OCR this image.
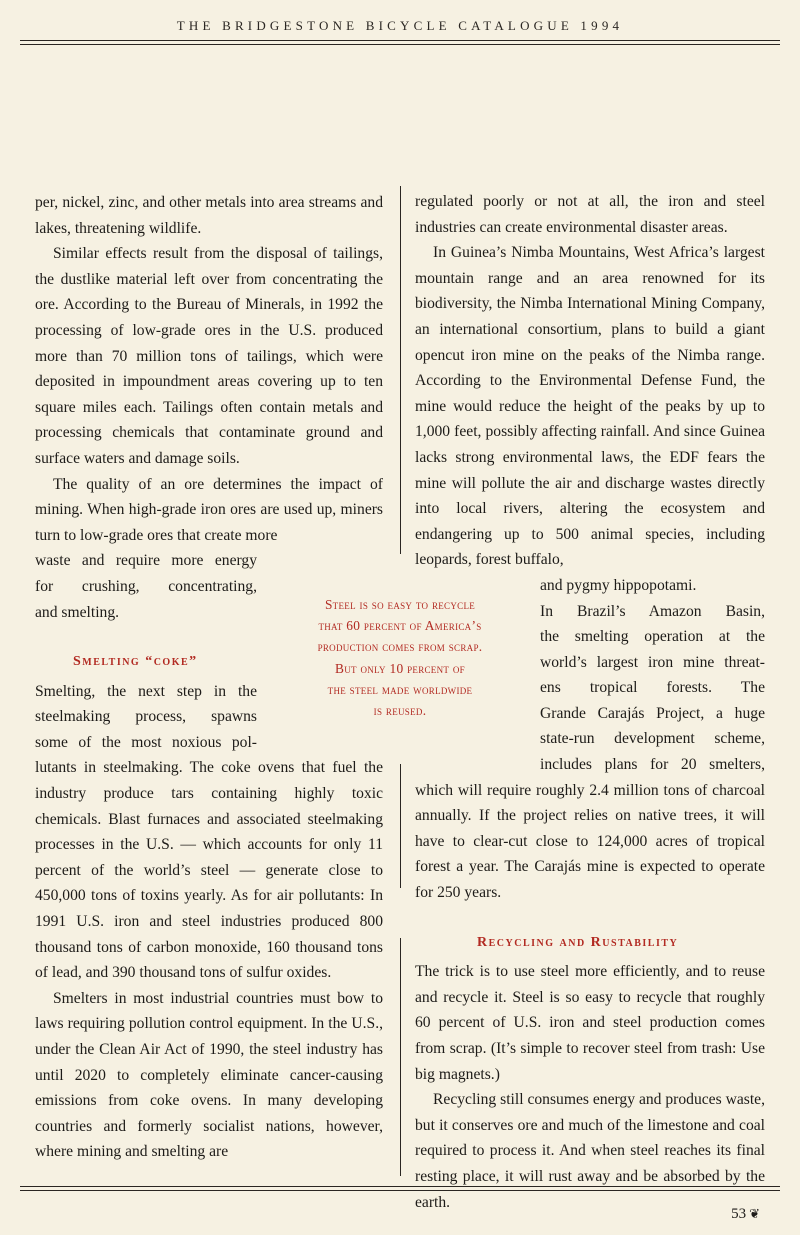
THE BRIDGESTONE BICYCLE CATALOGUE 1994

per, nickel, zinc, and other metals into area streams and lakes, threatening wildlife.

Similar effects result from the disposal of tailings, the dustlike material left over from concentrating the ore. According to the Bureau of Minerals, in 1992 the processing of low-grade ores in the U.S. produced more than 70 million tons of tailings, which were deposited in impoundment areas covering up to ten square miles each. Tailings often contain metals and processing chemicals that contaminate ground and surface waters and damage soils.

The quality of an ore determines the impact of mining. When high-grade iron ores are used up, miners turn to low-grade ores that create more

waste and require more energy
for crushing, concentrating,
and smelting.
Smelting “coke”
Smelting, the next step in the
steelmaking process, spawns
some of the most noxious pol-

lutants in steelmaking. The coke ovens that fuel the industry produce tars containing highly toxic chemicals. Blast furnaces and associated steelmaking processes in the U.S. — which accounts for only 11 percent of the world’s steel — generate close to 450,000 tons of toxins yearly. As for air pollutants: In 1991 U.S. iron and steel industries produced 800 thousand tons of carbon monoxide, 160 thousand tons of lead, and 390 thousand tons of sulfur oxides.

Smelters in most industrial countries must bow to laws requiring pollution control equipment. In the U.S., under the Clean Air Act of 1990, the steel industry has until 2020 to completely eliminate cancer-causing emissions from coke ovens. In many developing countries and formerly socialist nations, however, where mining and smelting are

regulated poorly or not at all, the iron and steel industries can create environmental disaster areas.

In Guinea’s Nimba Mountains, West Africa’s largest mountain range and an area renowned for its biodiversity, the Nimba International Mining Company, an international consortium, plans to build a giant opencut iron mine on the peaks of the Nimba range. According to the Environmental Defense Fund, the mine would reduce the height of the peaks by up to 1,000 feet, possibly affecting rainfall. And since Guinea lacks strong environmental laws, the EDF fears the mine will pollute the air and discharge wastes directly into local rivers, altering the ecosystem and endangering up to 500 animal species, including leopards, forest buffalo,

and pygmy hippopotami.
In Brazil’s Amazon Basin,
the smelting operation at the
world’s largest iron mine threat-
ens tropical forests. The
Grande Carajás Project, a huge
state-run development scheme,
includes plans for 20 smelters,

which will require roughly 2.4 million tons of charcoal annually. If the project relies on native trees, it will have to clear-cut close to 124,000 acres of tropical forest a year. The Carajás mine is expected to operate for 250 years.

Recycling and Rustability

The trick is to use steel more efficiently, and to reuse and recycle it. Steel is so easy to recycle that roughly 60 percent of U.S. iron and steel production comes from scrap. (It’s simple to recover steel from trash: Use big magnets.)

Recycling still consumes energy and produces waste, but it conserves ore and much of the limestone and coal required to process it. And when steel reaches its final resting place, it will rust away and be absorbed by the earth.

Steel is so easy to recycle
that 60 percent of America’s
production comes from scrap.
But only 10 percent of
the steel made worldwide
is reused.
53 ❦
